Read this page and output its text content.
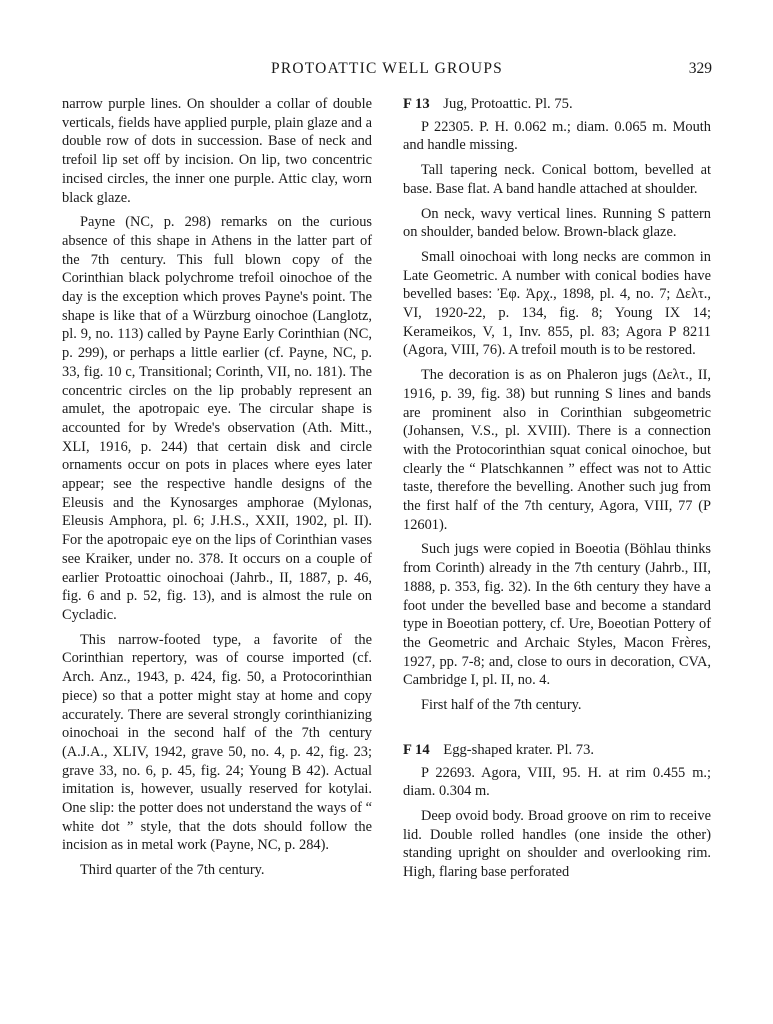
PROTOATTIC WELL GROUPS	329

narrow purple lines. On shoulder a collar of double verticals, fields have applied purple, plain glaze and a double row of dots in succession. Base of neck and trefoil lip set off by incision. On lip, two concentric incised circles, the inner one purple. Attic clay, worn black glaze.

Payne (NC, p. 298) remarks on the curious absence of this shape in Athens in the latter part of the 7th century. This full blown copy of the Corinthian black polychrome trefoil oinochoe of the day is the exception which proves Payne's point. The shape is like that of a Würzburg oinochoe (Langlotz, pl. 9, no. 113) called by Payne Early Corinthian (NC, p. 299), or perhaps a little earlier (cf. Payne, NC, p. 33, fig. 10 c, Transitional; Corinth, VII, no. 181). The concentric circles on the lip probably represent an amulet, the apotropaic eye. The circular shape is accounted for by Wrede's observation (Ath. Mitt., XLI, 1916, p. 244) that certain disk and circle ornaments occur on pots in places where eyes later appear; see the respective handle designs of the Eleusis and the Kynosarges amphorae (Mylonas, Eleusis Amphora, pl. 6; J.H.S., XXII, 1902, pl. II). For the apotropaic eye on the lips of Corinthian vases see Kraiker, under no. 378. It occurs on a couple of earlier Protoattic oinochoai (Jahrb., II, 1887, p. 46, fig. 6 and p. 52, fig. 13), and is almost the rule on Cycladic.

This narrow-footed type, a favorite of the Corinthian repertory, was of course imported (cf. Arch. Anz., 1943, p. 424, fig. 50, a Protocorinthian piece) so that a potter might stay at home and copy accurately. There are several strongly corinthianizing oinochoai in the second half of the 7th century (A.J.A., XLIV, 1942, grave 50, no. 4, p. 42, fig. 23; grave 33, no. 6, p. 45, fig. 24; Young B 42). Actual imitation is, however, usually reserved for kotylai. One slip: the potter does not understand the ways of “ white dot ” style, that the dots should follow the incision as in metal work (Payne, NC, p. 284).

Third quarter of the 7th century.

F 13 Jug, Protoattic. Pl. 75.

P 22305. P. H. 0.062 m.; diam. 0.065 m. Mouth and handle missing.

Tall tapering neck. Conical bottom, bevelled at base. Base flat. A band handle attached at shoulder.

On neck, wavy vertical lines. Running S pattern on shoulder, banded below. Brown-black glaze.

Small oinochoai with long necks are common in Late Geometric. A number with conical bodies have bevelled bases: Ἐφ. Ἀρχ., 1898, pl. 4, no. 7; Δελτ., VI, 1920-22, p. 134, fig. 8; Young IX 14; Kerameikos, V, 1, Inv. 855, pl. 83; Agora P 8211 (Agora, VIII, 76). A trefoil mouth is to be restored.

The decoration is as on Phaleron jugs (Δελτ., II, 1916, p. 39, fig. 38) but running S lines and bands are prominent also in Corinthian subgeometric (Johansen, V.S., pl. XVIII). There is a connection with the Protocorinthian squat conical oinochoe, but clearly the “ Platschkannen ” effect was not to Attic taste, therefore the bevelling. Another such jug from the first half of the 7th century, Agora, VIII, 77 (P 12601).

Such jugs were copied in Boeotia (Böhlau thinks from Corinth) already in the 7th century (Jahrb., III, 1888, p. 353, fig. 32). In the 6th century they have a foot under the bevelled base and become a standard type in Boeotian pottery, cf. Ure, Boeotian Pottery of the Geometric and Archaic Styles, Macon Frères, 1927, pp. 7-8; and, close to ours in decoration, CVA, Cambridge I, pl. II, no. 4.

First half of the 7th century.

F 14 Egg-shaped krater. Pl. 73.

P 22693. Agora, VIII, 95. H. at rim 0.455 m.; diam. 0.304 m.

Deep ovoid body. Broad groove on rim to receive lid. Double rolled handles (one inside the other) standing upright on shoulder and overlooking rim. High, flaring base perforated
